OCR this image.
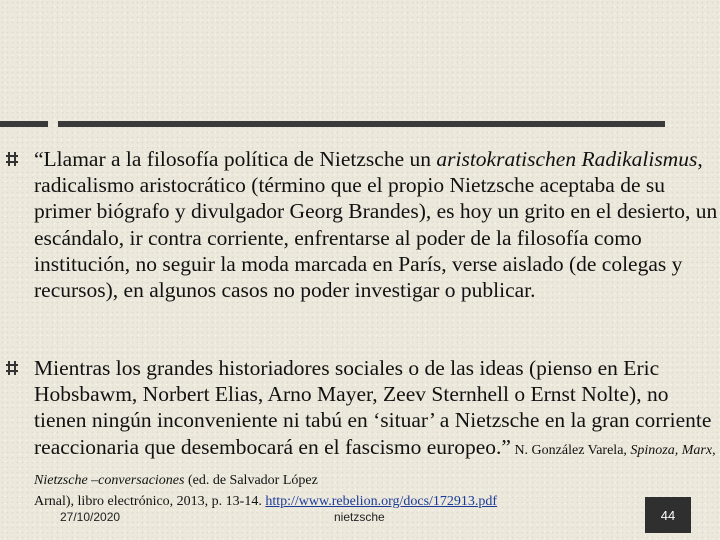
“Llamar a la filosofía política de Nietzsche un aristokratischen Radikalismus, radicalismo aristocrático (término que el propio Nietzsche aceptaba de su primer biógrafo y divulgador Georg Brandes), es hoy un grito en el desierto, un escándalo, ir contra corriente, enfrentarse al poder de la filosofía como institución, no seguir la moda marcada en París, verse aislado (de colegas y recursos), en algunos casos no poder investigar o publicar.

Mientras los grandes historiadores sociales o de las ideas (pienso en Eric Hobsbawm, Norbert Elias, Arno Mayer, Zeev Sternhell o Ernst Nolte), no tienen ningún inconveniente ni tabú en ‘situar’ a Nietzsche en la gran corriente reaccionaria que desembocará en el fascismo europeo.” N. González Varela, Spinoza, Marx, Nietzsche –conversaciones (ed. de Salvador López

Arnal), libro electrónico, 2013, p. 13-14. http://www.rebelion.org/docs/172913.pdf
27/10/2020	nietzsche	44
